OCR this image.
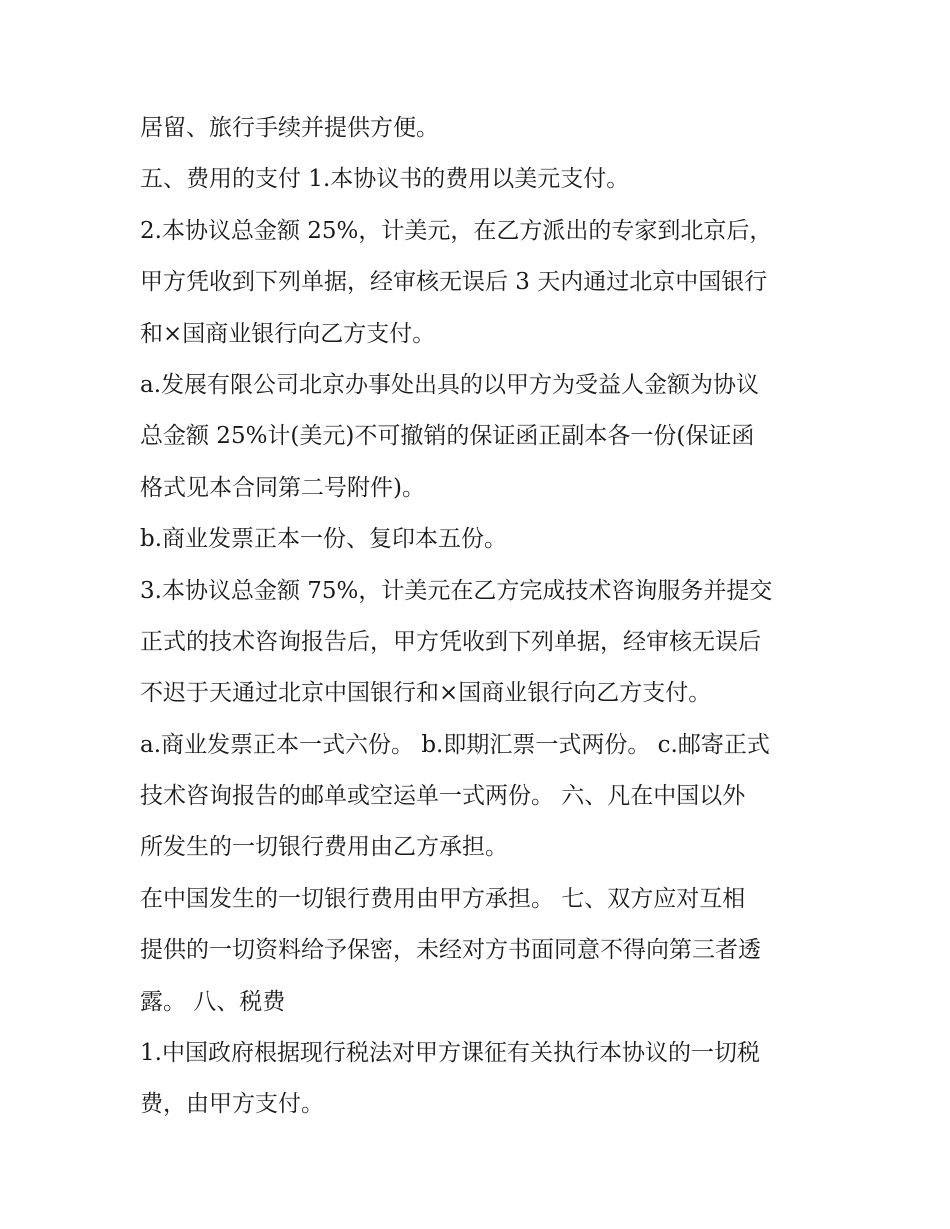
居留、旅行手续并提供方便。
五、费用的支付 1.本协议书的费用以美元支付。
2.本协议总金额 25%，计美元，在乙方派出的专家到北京后，
甲方凭收到下列单据，经审核无误后 3 天内通过北京中国银行
和×国商业银行向乙方支付。
a.发展有限公司北京办事处出具的以甲方为受益人金额为协议
总金额 25%计(美元)不可撤销的保证函正副本各一份(保证函
格式见本合同第二号附件)。
b.商业发票正本一份、复印本五份。
3.本协议总金额 75%，计美元在乙方完成技术咨询服务并提交
正式的技术咨询报告后，甲方凭收到下列单据，经审核无误后
不迟于天通过北京中国银行和×国商业银行向乙方支付。
a.商业发票正本一式六份。 b.即期汇票一式两份。 c.邮寄正式
技术咨询报告的邮单或空运单一式两份。 六、凡在中国以外
所发生的一切银行费用由乙方承担。
在中国发生的一切银行费用由甲方承担。 七、双方应对互相
提供的一切资料给予保密，未经对方书面同意不得向第三者透
露。 八、税费
1.中国政府根据现行税法对甲方课征有关执行本协议的一切税
费，由甲方支付。
